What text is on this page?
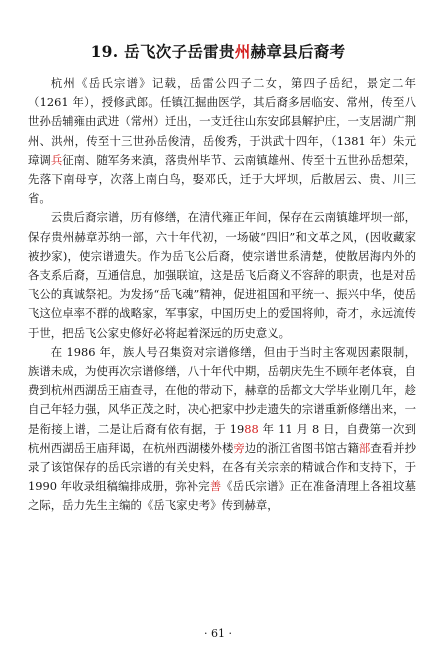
19. 岳飞次子岳雷贵州赫章县后裔考

杭州《岳氏宗谱》记载，岳雷公四子二女，第四子岳纪，景定二年（1261 年），授修武郎。任镇江掘曲医学，其后裔多居临安、常州，传至八世孙岳辅雍由武进（常州）迁出，一支迁往山东安邱县解护庄，一支居湖广荆州、洪州，传至十三世孙岳俊清，岳俊秀，于洪武十四年，（1381 年）朱元璋调兵征南、随军务来滇，落贵州毕节、云南镇雄州、传至十五世孙岳想荣，先落下南母亨，次落上南白鸟，娶邓氏，迁于大坪坝，后散居云、贵、川三省。

云贵后裔宗谱，历有修缮，在清代雍正年间，保存在云南镇雄坪坝一部，保存贵州赫章苏纳一部，六十年代初，一场破“四旧”和文革之风，(因收藏家被抄家)，使宗谱遗失。作为岳飞公后裔，使宗谱世系清楚，使散居海内外的各支系后裔，互通信息，加强联谊，这是岳飞后裔义不容辞的职责，也是对岳飞公的真诚祭祀。为发扬“岳飞魂”精神，促进祖国和平统一、振兴中华，使岳飞这位卓率不群的战略家，军事家，中国历史上的爱国将帅，奇才，永远流传于世，把岳飞公家史修好必将起着深远的历史意义。

在 1986 年，族人号召集资对宗谱修缮，但由于当时主客观因素限制，族谱未成，为使再次宗谱修缮，八十年代中期，岳朝庆先生不顾年老体衰，自费到杭州西湖岳王庙查寻，在他的带动下，赫章的岳都文大学毕业刚几年，趁自己年轻力强，风华正茂之时，决心把家中抄走遗失的宗谱重新修缮出来，一是衔接上谱，二是让后裔有依有据，于 1988 年 11 月 8 日，自费第一次到杭州西湖岳王庙拜谒，在杭州西湖楼外楼旁边的浙江省图书馆古籍部查看并抄录了该馆保存的岳氏宗谱的有关史料，在各有关宗亲的精诚合作和支持下，于 1990 年收录组稿编排成册，弥补完善《岳氏宗谱》正在准备清理上各祖坟墓之际，岳力先生主编的《岳飞家史考》传到赫章，

· 61 ·
